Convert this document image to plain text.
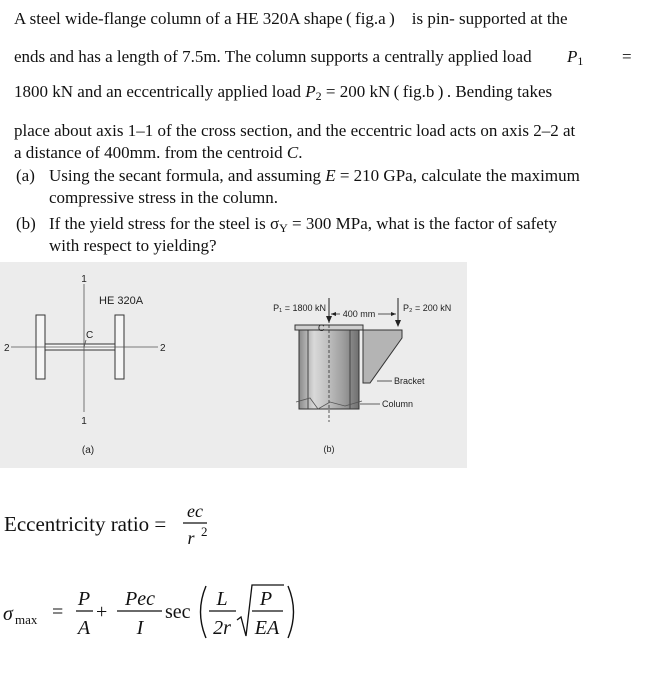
A steel wide-flange column of a HE 320A shape ( fig.a ) is pin- supported at the
ends and has a length of 7.5m. The column supports a centrally applied load $P_1$ =
1800 kN and an eccentrically applied load $P_2 = 200$ kN ( fig.b ) . Bending takes
place about axis 1–1 of the cross section, and the eccentric load acts on axis 2–2 at
a distance of 400mm. from the centroid C.
(a) Using the secant formula, and assuming E = 210 GPa, calculate the maximum
compressive stress in the column.
(b) If the yield stress for the steel is $\sigma_Y = 300$ MPa, what is the factor of safety
with respect to yielding?
1
1
2	2
HE 320A
C
(a)
P₁ = 1800 kN
400 mm
P₂ = 200 kN
C
Bracket
Column
(b)
Eccentricity ratio =
ec
r 2
σ max =
P
A
+
Pec
I
sec
L
2r
P
EA
